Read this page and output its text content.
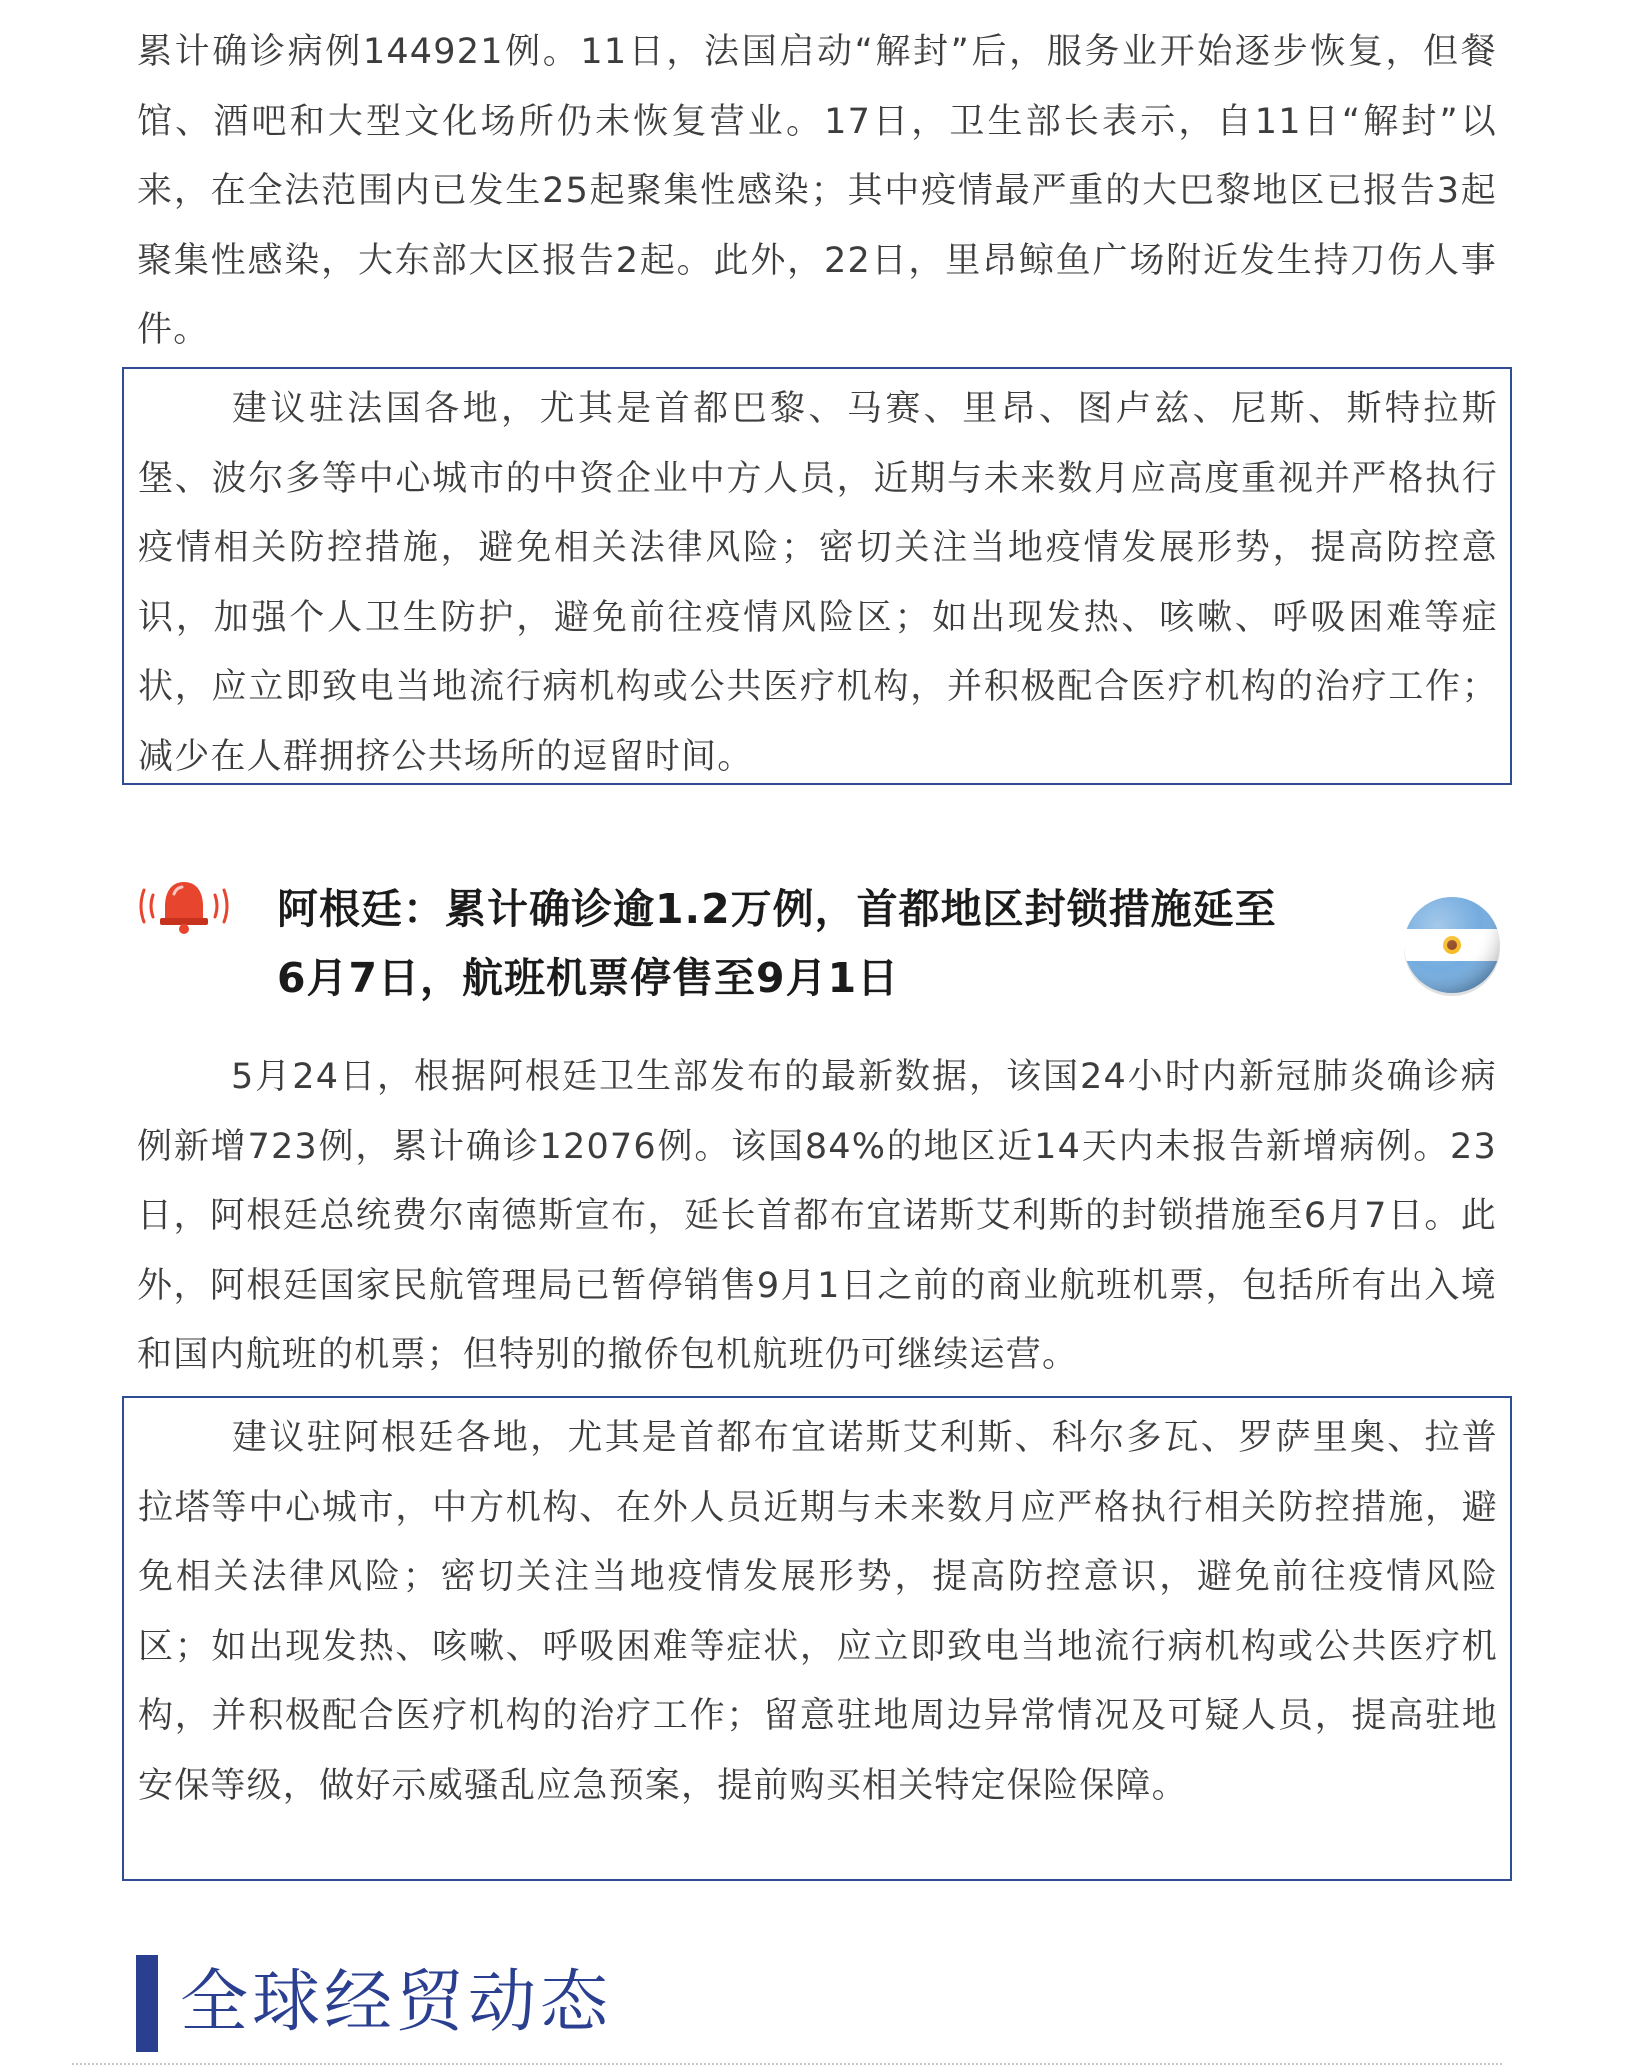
累计确诊病例144921例。11日，法国启动“解封”后，服务业开始逐步恢复，但餐馆、酒吧和大型文化场所仍未恢复营业。17日，卫生部长表示，自11日“解封”以来，在全法范围内已发生25起聚集性感染；其中疫情最严重的大巴黎地区已报告3起聚集性感染，大东部大区报告2起。此外，22日，里昂鲸鱼广场附近发生持刀伤人事件。

建议驻法国各地，尤其是首都巴黎、马赛、里昂、图卢兹、尼斯、斯特拉斯堡、波尔多等中心城市的中资企业中方人员，近期与未来数月应高度重视并严格执行疫情相关防控措施，避免相关法律风险；密切关注当地疫情发展形势，提高防控意识，加强个人卫生防护，避免前往疫情风险区；如出现发热、咳嗽、呼吸困难等症状，应立即致电当地流行病机构或公共医疗机构，并积极配合医疗机构的治疗工作；减少在人群拥挤公共场所的逗留时间。

阿根廷：累计确诊逾1.2万例，首都地区封锁措施延至
6月7日，航班机票停售至9月1日

5月24日，根据阿根廷卫生部发布的最新数据，该国24小时内新冠肺炎确诊病例新增723例，累计确诊12076例。该国84%的地区近14天内未报告新增病例。23日，阿根廷总统费尔南德斯宣布，延长首都布宜诺斯艾利斯的封锁措施至6月7日。此外，阿根廷国家民航管理局已暂停销售9月1日之前的商业航班机票，包括所有出入境和国内航班的机票；但特别的撤侨包机航班仍可继续运营。

建议驻阿根廷各地，尤其是首都布宜诺斯艾利斯、科尔多瓦、罗萨里奥、拉普拉塔等中心城市，中方机构、在外人员近期与未来数月应严格执行相关防控措施，避免相关法律风险；密切关注当地疫情发展形势，提高防控意识，避免前往疫情风险区；如出现发热、咳嗽、呼吸困难等症状，应立即致电当地流行病机构或公共医疗机构，并积极配合医疗机构的治疗工作；留意驻地周边异常情况及可疑人员，提高驻地安保等级，做好示威骚乱应急预案，提前购买相关特定保险保障。

全球经贸动态
